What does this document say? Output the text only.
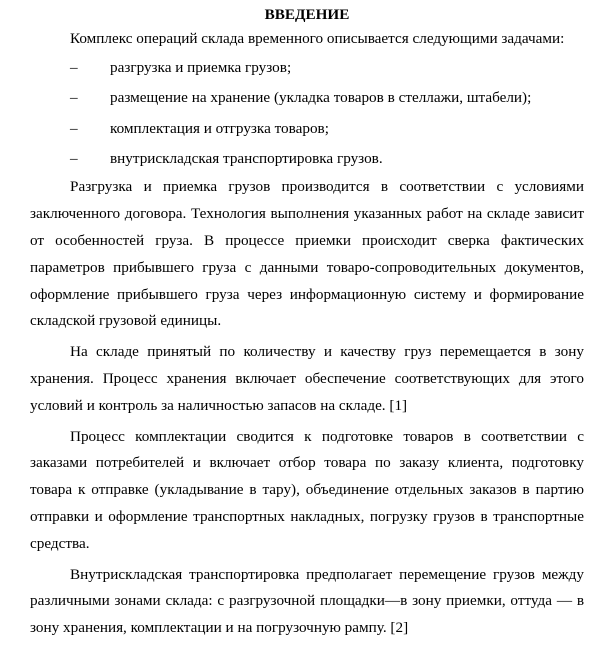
ВВЕДЕНИЕ

Комплекс операций склада временного описывается следующими задачами:

– разгрузка и приемка грузов;
– размещение на хранение (укладка товаров в стеллажи, штабели);
– комплектация и отгрузка товаров;
– внутрискладская транспортировка грузов.

Разгрузка и приемка грузов производится в соответствии с условиями заключенного договора. Технология выполнения указанных работ на складе зависит от особенностей груза. В процессе приемки происходит сверка фактических параметров прибывшего груза с данными товаро-сопроводительных документов, оформление прибывшего груза через информационную систему и формирование складской грузовой единицы.

На складе принятый по количеству и качеству груз перемещается в зону хранения. Процесс хранения включает обеспечение соответствующих для этого условий и контроль за наличностью запасов на складе. [1]

Процесс комплектации сводится к подготовке товаров в соответствии с заказами потребителей и включает отбор товара по заказу клиента, подготовку товара к отправке (укладывание в тару), объединение отдельных заказов в партию отправки и оформление транспортных накладных, погрузку грузов в транспортные средства.

Внутрискладская транспортировка предполагает перемещение грузов между различными зонами склада: с разгрузочной площадки—в зону приемки, оттуда — в зону хранения, комплектации и на погрузочную рампу. [2]
